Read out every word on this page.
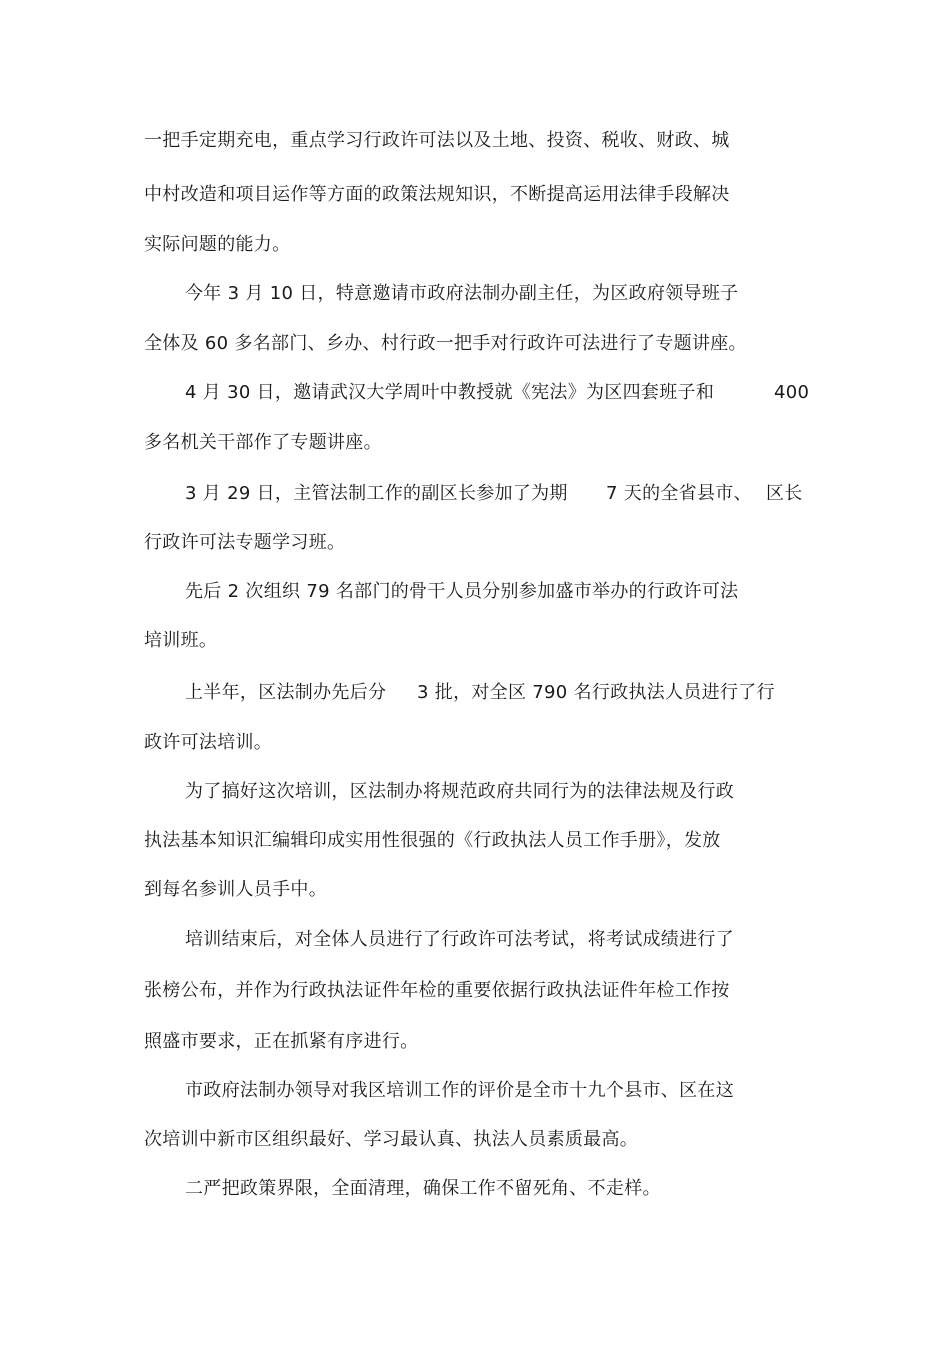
一把手定期充电，重点学习行政许可法以及土地、投资、税收、财政、城
中村改造和项目运作等方面的政策法规知识，不断提高运用法律手段解决
实际问题的能力。
今年 3 月 10 日，特意邀请市政府法制办副主任，为区政府领导班子
全体及 60 多名部门、乡办、村行政一把手对行政许可法进行了专题讲座。
4 月 30 日，邀请武汉大学周叶中教授就《宪法》为区四套班子和	400
多名机关干部作了专题讲座。
3 月 29 日，主管法制工作的副区长参加了为期 7 天的全省县市、 区长
行政许可法专题学习班。
先后 2 次组织 79 名部门的骨干人员分别参加盛市举办的行政许可法
培训班。
上半年，区法制办先后分 3 批，对全区 790 名行政执法人员进行了行
政许可法培训。
为了搞好这次培训，区法制办将规范政府共同行为的法律法规及行政
执法基本知识汇编辑印成实用性很强的《行政执法人员工作手册》，发放
到每名参训人员手中。
培训结束后，对全体人员进行了行政许可法考试，将考试成绩进行了
张榜公布，并作为行政执法证件年检的重要依据行政执法证件年检工作按
照盛市要求，正在抓紧有序进行。
市政府法制办领导对我区培训工作的评价是全市十九个县市、区在这
次培训中新市区组织最好、学习最认真、执法人员素质最高。
二严把政策界限，全面清理，确保工作不留死角、不走样。
